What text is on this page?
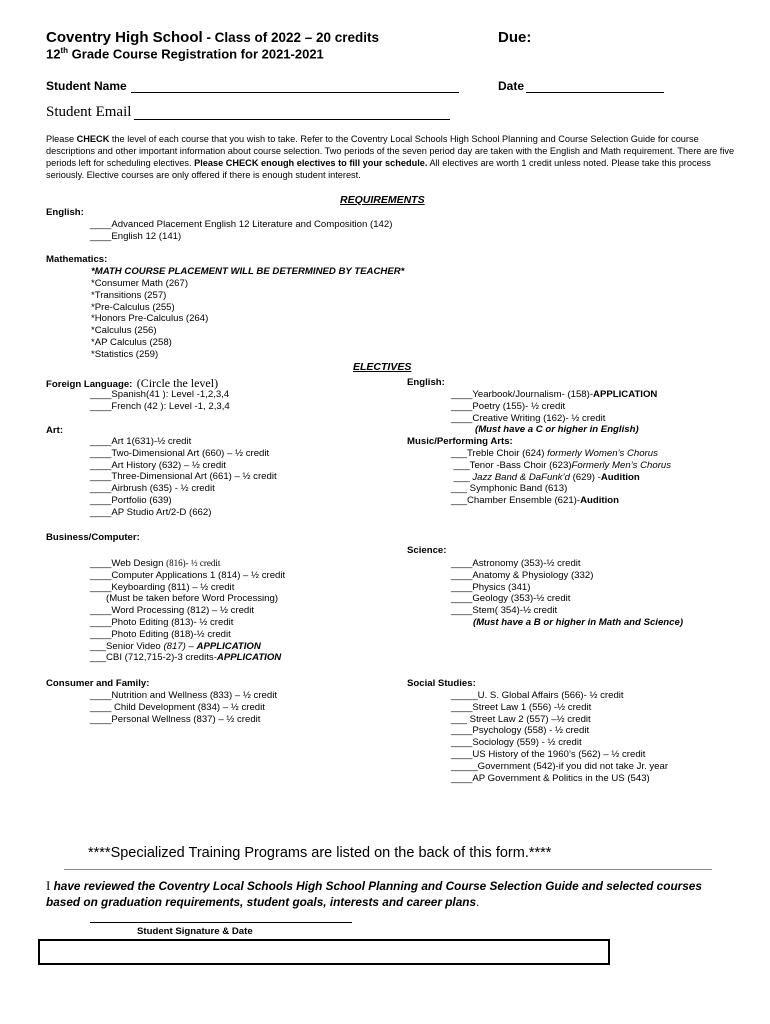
Coventry High School - Class of 2022 – 20 credits	Due:
12th Grade Course Registration for 2021-2021
Student Name	Date
Student Email
Please CHECK the level of each course that you wish to take. Refer to the Coventry Local Schools High School Planning and Course Selection Guide for course descriptions and other important information about course selection. Two periods of the seven period day are taken with the English and Math requirement. There are five periods left for scheduling electives. Please CHECK enough electives to fill your schedule. All electives are worth 1 credit unless noted. Please take this process seriously. Elective courses are only offered if there is enough student interest.
REQUIREMENTS
English:
____Advanced Placement English 12 Literature and Composition (142)
____English 12 (141)
Mathematics:
*MATH COURSE PLACEMENT WILL BE DETERMINED BY TEACHER*
*Consumer Math (267)
*Transitions (257)
*Pre-Calculus (255)
*Honors Pre-Calculus (264)
*Calculus (256)
*AP Calculus (258)
*Statistics (259)
ELECTIVES
Foreign Language: (Circle the level)
____Spanish(41 ): Level -1,2,3,4
____French (42 ): Level -1, 2,3,4
Art:
____Art 1(631)-½ credit
____Two-Dimensional Art (660) – ½ credit
____Art History (632) – ½ credit
____Three-Dimensional Art (661) – ½ credit
____Airbrush (635) - ½ credit
____Portfolio (639)
____AP Studio Art/2-D (662)
Business/Computer:
____Web Design (816)- ½ credit
____Computer Applications 1 (814) – ½ credit
____Keyboarding (811) – ½ credit
(Must be taken before Word Processing)
____Word Processing (812) – ½ credit
____Photo Editing (813)- ½ credit
____Photo Editing (818)-½ credit
___Senior Video (817) – APPLICATION
___CBI (712,715-2)-3 credits-APPLICATION
Consumer and Family:
____Nutrition and Wellness (833) – ½ credit
____ Child Development (834) – ½ credit
____Personal Wellness (837) – ½ credit
English:
____Yearbook/Journalism- (158)-APPLICATION
____Poetry (155)- ½ credit
____Creative Writing (162)- ½ credit
(Must have a C or higher in English)
Music/Performing Arts:
___Treble Choir (624) formerly Women’s Chorus
___Tenor -Bass Choir (623)Formerly Men’s Chorus
___ Jazz Band & DaFunk’d (629) -Audition
___ Symphonic Band (613)
___Chamber Ensemble (621)-Audition
Science:
____Astronomy (353)-½ credit
____Anatomy & Physiology (332)
____Physics (341)
____Geology (353)-½ credit
____Stem( 354)-½ credit
(Must have a B or higher in Math and Science)
Social Studies:
_____U. S. Global Affairs (566)- ½ credit
____Street Law 1 (556) -½ credit
___ Street Law 2 (557) –½ credit
____Psychology (558) - ½ credit
____Sociology (559) - ½ credit
____US History of the 1960’s (562) – ½ credit
_____Government (542)-if you did not take Jr. year
____AP Government & Politics in the US (543)
****Specialized Training Programs are listed on the back of this form.****
I have reviewed the Coventry Local Schools High School Planning and Course Selection Guide and selected courses based on graduation requirements, student goals, interests and career plans.
Student Signature & Date
